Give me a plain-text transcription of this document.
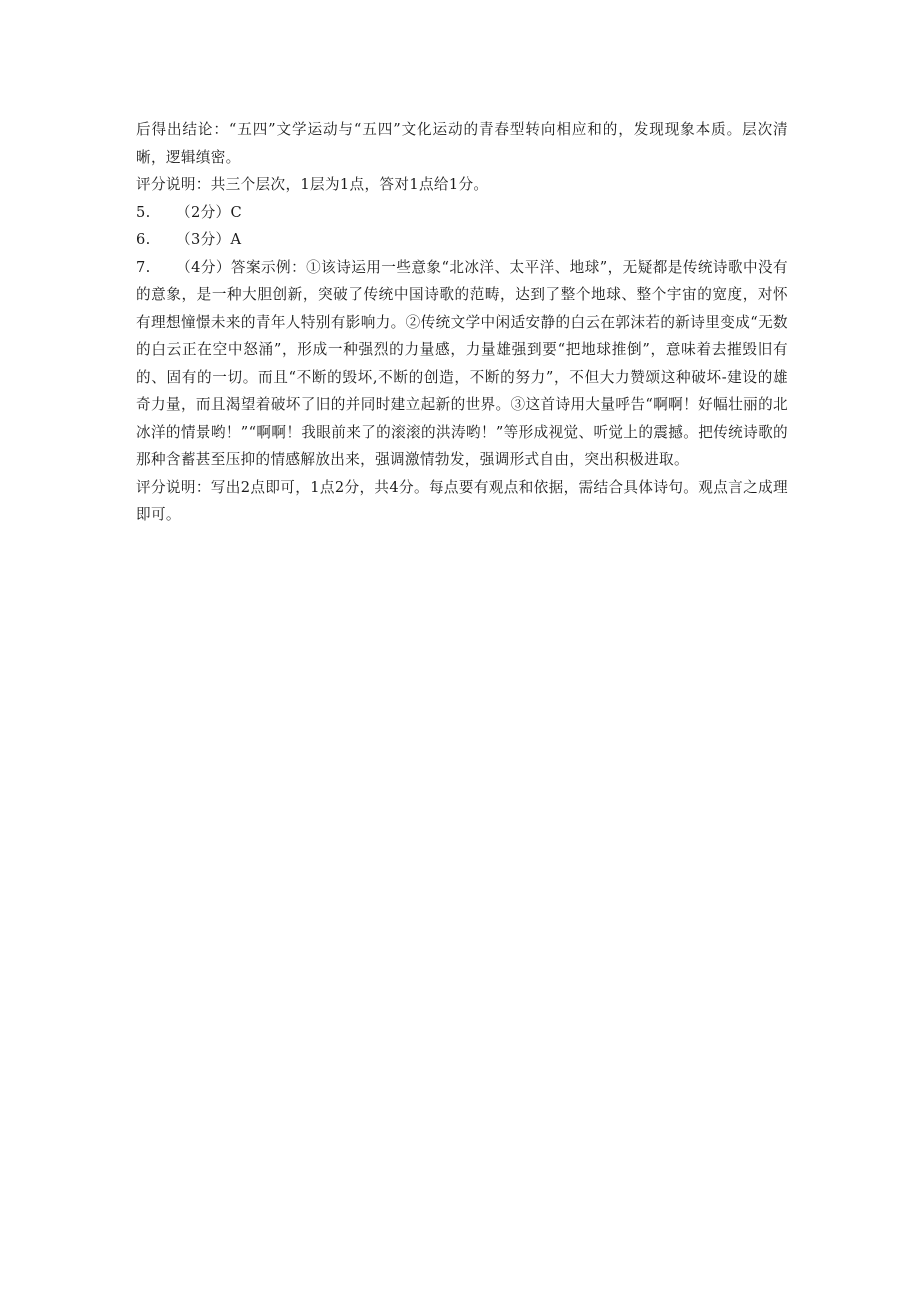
后得出结论：“五四”文学运动与“五四”文化运动的青春型转向相应和的，发现现象本质。层次清晰，逻辑缜密。

评分说明：共三个层次，1层为1点，答对1点给1分。

5.	（2分）C
6.	（3分）A
7. （4分）答案示例：①该诗运用一些意象“北冰洋、太平洋、地球”，无疑都是传统诗歌中没有的意象，是一种大胆创新，突破了传统中国诗歌的范畴，达到了整个地球、整个宇宙的宽度，对怀有理想憧憬未来的青年人特别有影响力。②传统文学中闲适安静的白云在郭沫若的新诗里变成“无数的白云正在空中怒涌”，形成一种强烈的力量感，力量雄强到要“把地球推倒”，意味着去摧毁旧有的、固有的一切。而且“不断的毁坏,不断的创造，不断的努力”，不但大力赞颂这种破坏-建设的雄奇力量，而且渴望着破坏了旧的并同时建立起新的世界。③这首诗用大量呼告“啊啊！好幅壮丽的北冰洋的情景哟！”“啊啊！我眼前来了的滚滚的洪涛哟！”等形成视觉、听觉上的震撼。把传统诗歌的那种含蓄甚至压抑的情感解放出来，强调激情勃发，强调形式自由，突出积极进取。

评分说明：写出2点即可，1点2分，共4分。每点要有观点和依据，需结合具体诗句。观点言之成理即可。
